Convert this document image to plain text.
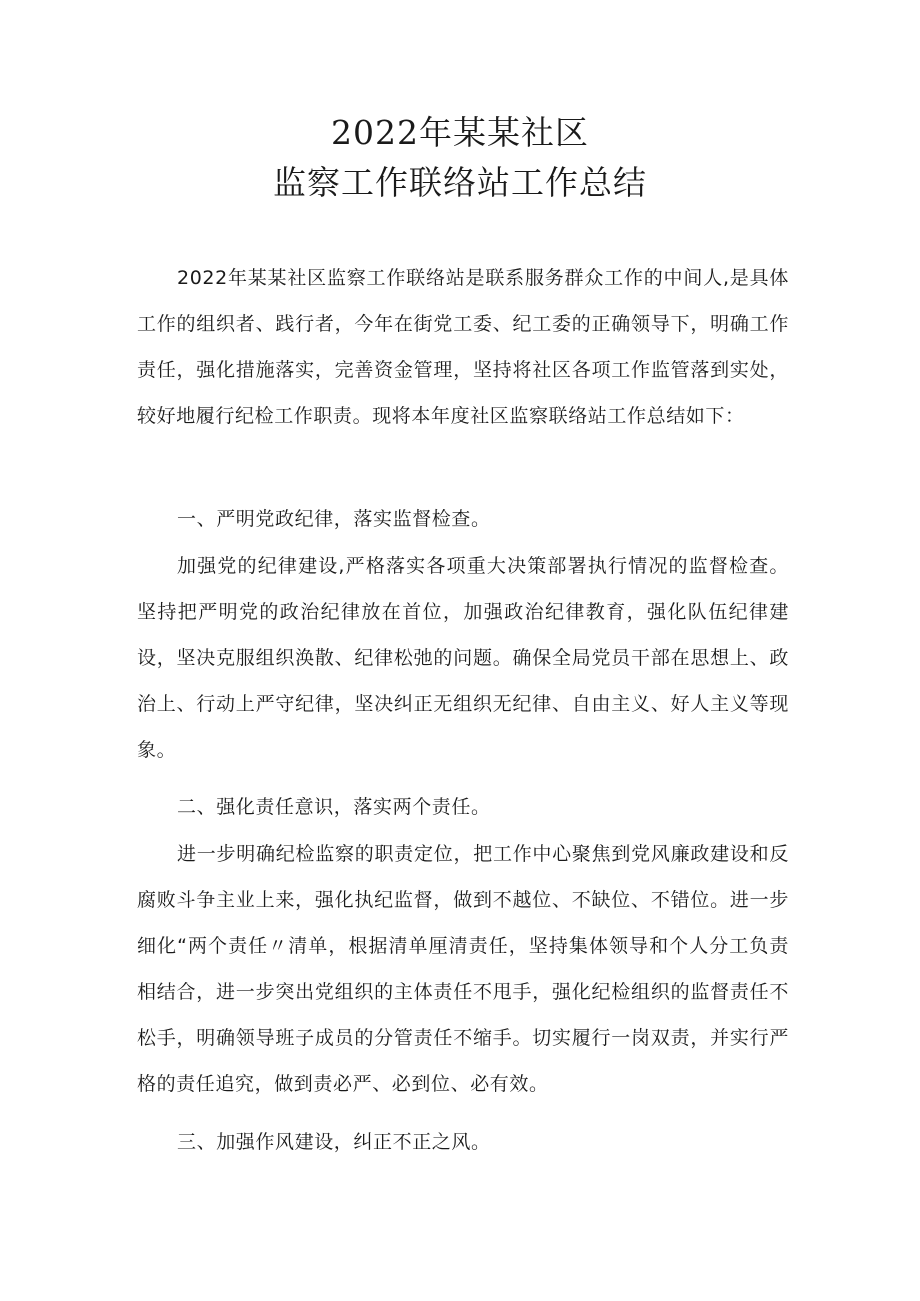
2022年某某社区
监察工作联络站工作总结

2022年某某社区监察工作联络站是联系服务群众工作的中间人,是具体工作的组织者、践行者，今年在街党工委、纪工委的正确领导下，明确工作责任，强化措施落实，完善资金管理，坚持将社区各项工作监管落到实处，较好地履行纪检工作职责。现将本年度社区监察联络站工作总结如下：

一、严明党政纪律，落实监督检查。

加强党的纪律建设,严格落实各项重大决策部署执行情况的监督检查。坚持把严明党的政治纪律放在首位，加强政治纪律教育，强化队伍纪律建设，坚决克服组织涣散、纪律松弛的问题。确保全局党员干部在思想上、政治上、行动上严守纪律，坚决纠正无组织无纪律、自由主义、好人主义等现象。

二、强化责任意识，落实两个责任。

进一步明确纪检监察的职责定位，把工作中心聚焦到党风廉政建设和反腐败斗争主业上来，强化执纪监督，做到不越位、不缺位、不错位。进一步细化“两个责任〃清单，根据清单厘清责任，坚持集体领导和个人分工负责相结合，进一步突出党组织的主体责任不甩手，强化纪检组织的监督责任不松手，明确领导班子成员的分管责任不缩手。切实履行一岗双责，并实行严格的责任追究，做到责必严、必到位、必有效。

三、加强作风建设，纠正不正之风。
